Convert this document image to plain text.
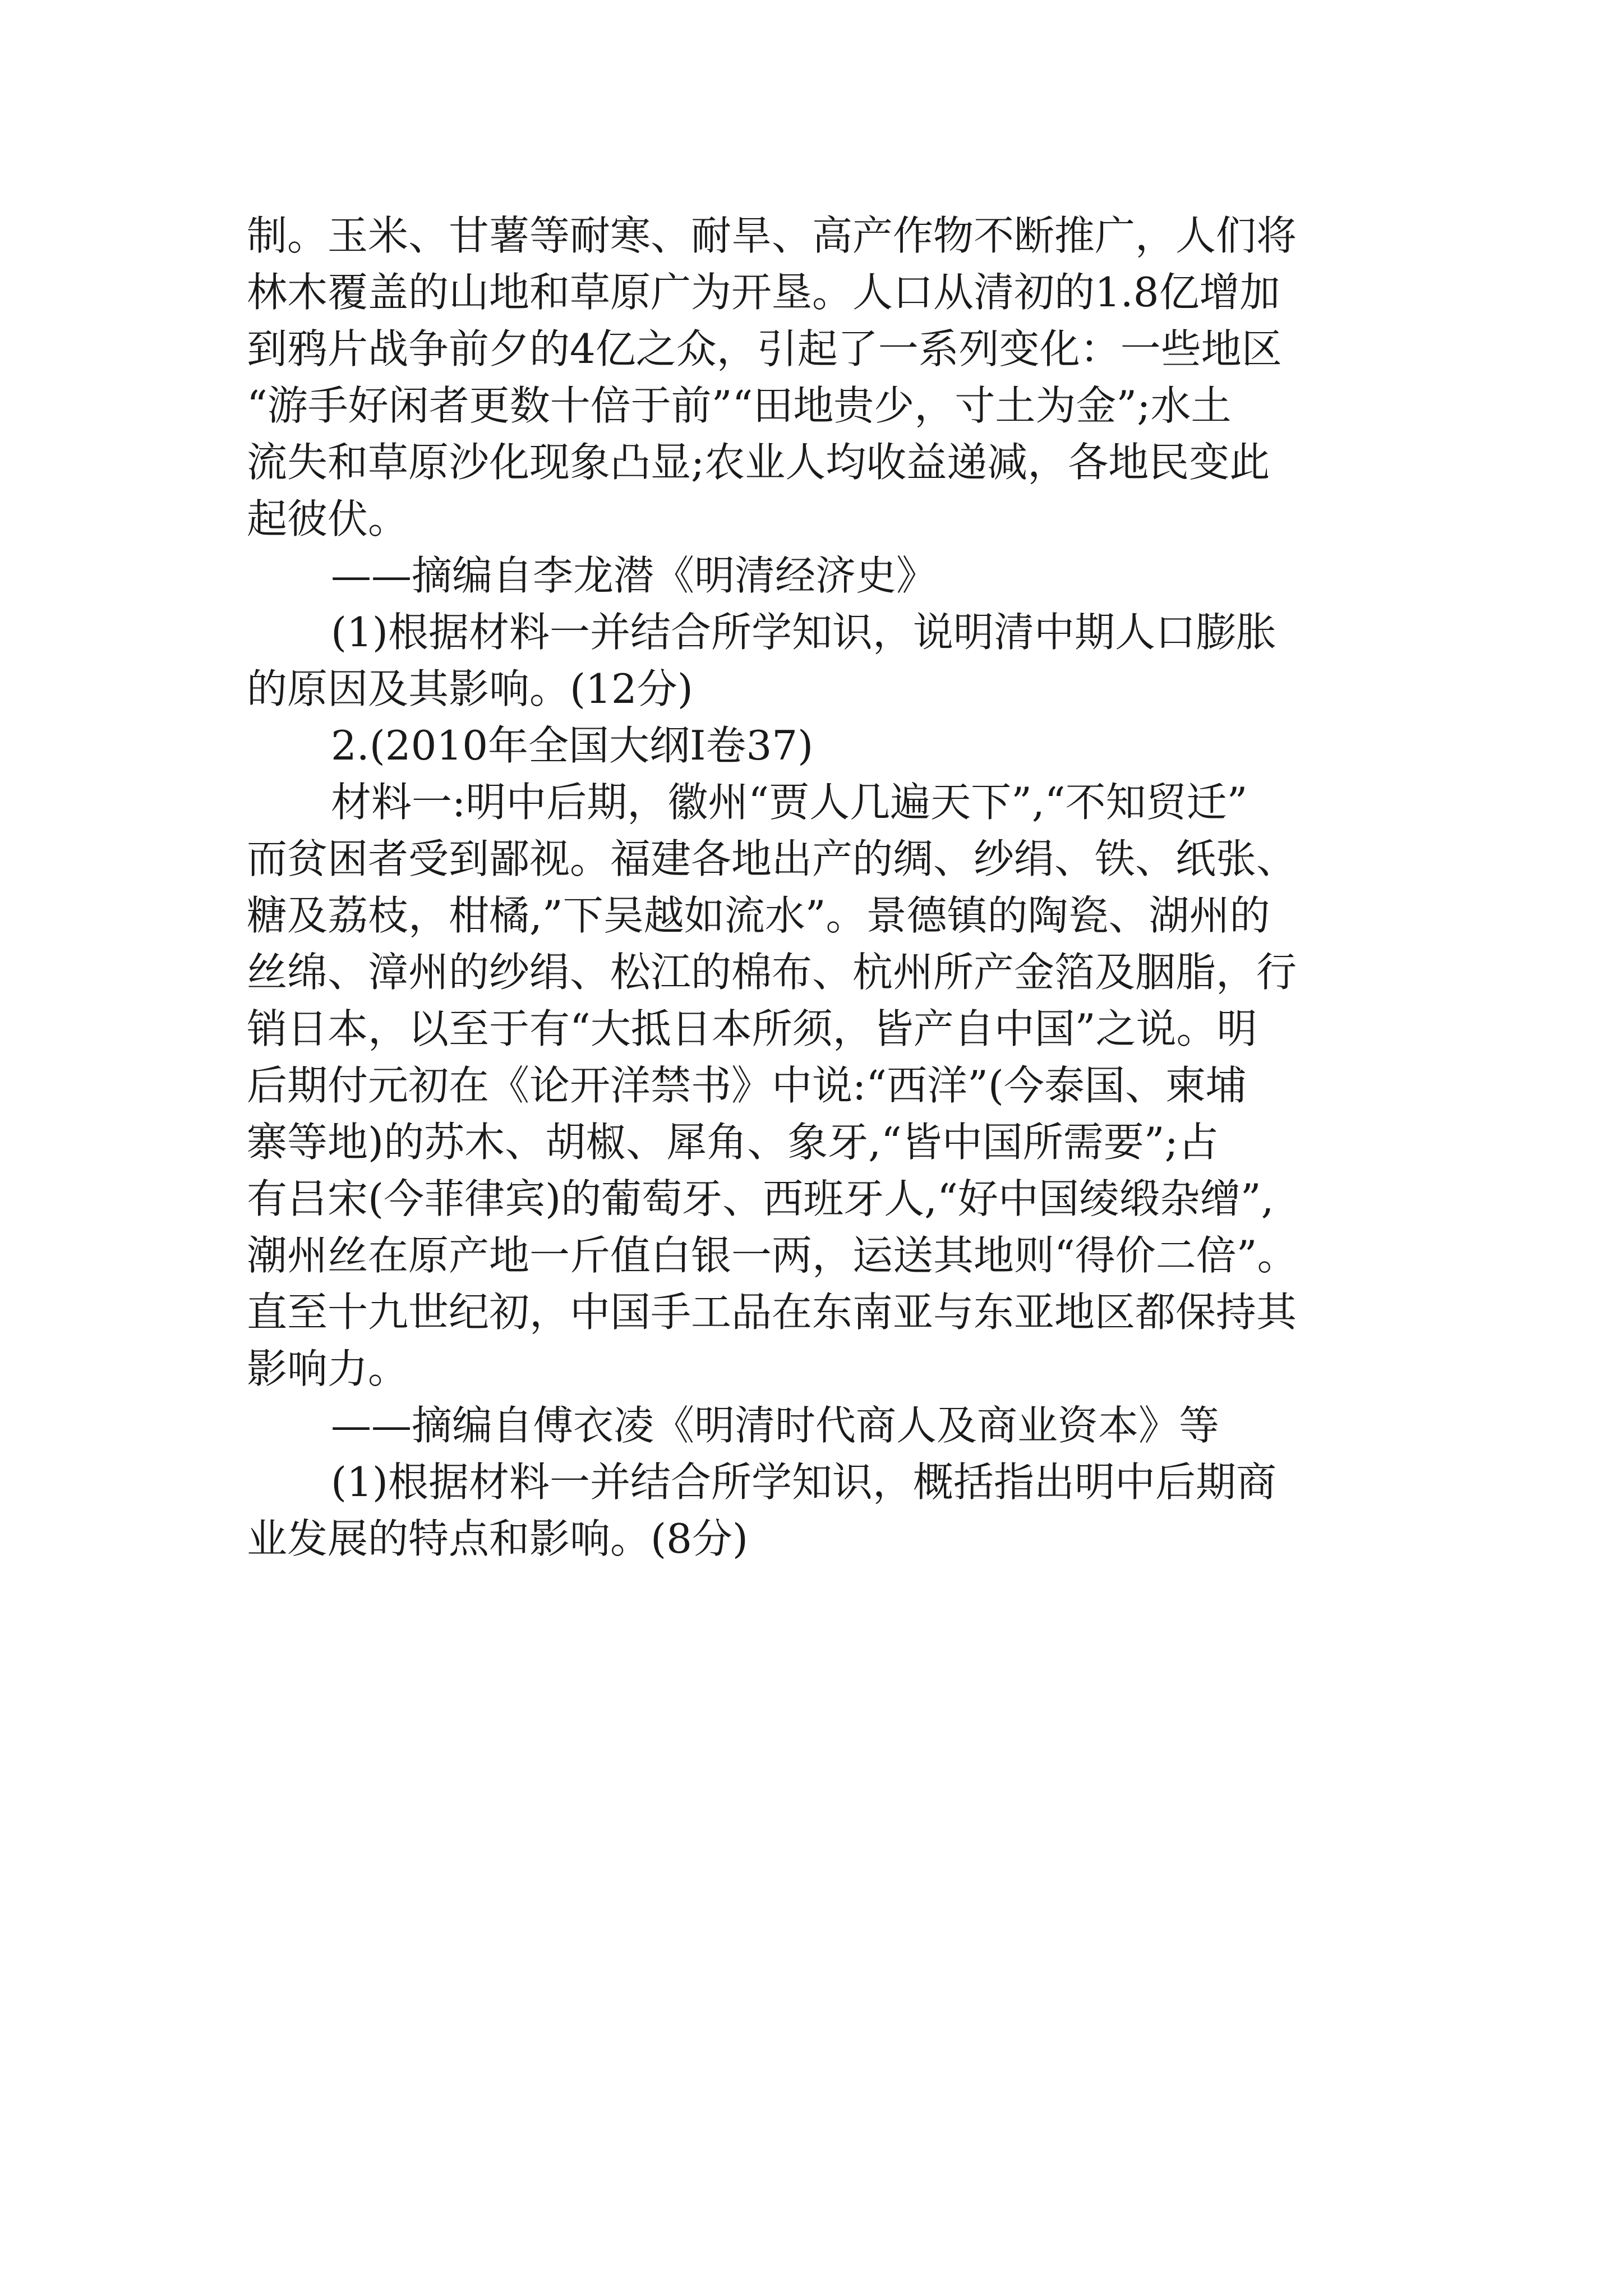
制。玉米、甘薯等耐寒、耐旱、高产作物不断推广，人们将
林木覆盖的山地和草原广为开垦。人口从清初的1.8亿增加
到鸦片战争前夕的4亿之众，引起了一系列变化：一些地区
“游手好闲者更数十倍于前”“田地贵少，寸土为金”;水土
流失和草原沙化现象凸显;农业人均收益递减，各地民变此
起彼伏。
——摘编自李龙潜《明清经济史》
(1)根据材料一并结合所学知识，说明清中期人口膨胀
的原因及其影响。(12分)
2.(2010年全国大纲Ⅰ卷37)
材料一:明中后期，徽州“贾人几遍天下”,“不知贸迁”
而贫困者受到鄙视。福建各地出产的绸、纱绢、铁、纸张、
糖及荔枝，柑橘,”下吴越如流水”。景德镇的陶瓷、湖州的
丝绵、漳州的纱绢、松江的棉布、杭州所产金箔及胭脂，行
销日本，以至于有“大抵日本所须，皆产自中国”之说。明
后期付元初在《论开洋禁书》中说:“西洋”(今泰国、柬埔
寨等地)的苏木、胡椒、犀角、象牙,“皆中国所需要”;占
有吕宋(今菲律宾)的葡萄牙、西班牙人,“好中国绫缎杂缯”,
潮州丝在原产地一斤值白银一两，运送其地则“得价二倍”。
直至十九世纪初，中国手工品在东南亚与东亚地区都保持其
影响力。
——摘编自傅衣凌《明清时代商人及商业资本》等
(1)根据材料一并结合所学知识，概括指出明中后期商
业发展的特点和影响。(8分)
